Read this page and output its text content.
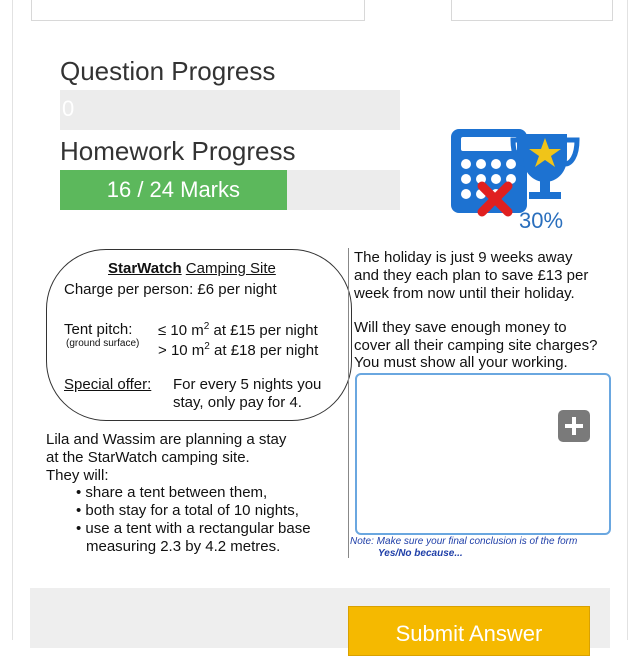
Question Progress
0
Homework Progress
16 / 24 Marks
30%
StarWatch Camping Site
Charge per person: £6 per night
Tent pitch:
(ground surface)
≤ 10 $m^2$ at £15 per night
> 10 $m^2$ at £18 per night
Special offer: For every 5 nights you
stay, only pay for 4.
Lila and Wassim are planning a stay
at the StarWatch camping site.
They will:
• share a tent between them,
• both stay for a total of 10 nights,
• use a tent with a rectangular base
measuring 2.3 by 4.2 metres.
The holiday is just 9 weeks away
and they each plan to save £13 per
week from now until their holiday.
Will they save enough money to
cover all their camping site charges?
You must show all your working.
Note: Make sure your final conclusion is of the form
Yes/No because...
Submit Answer
